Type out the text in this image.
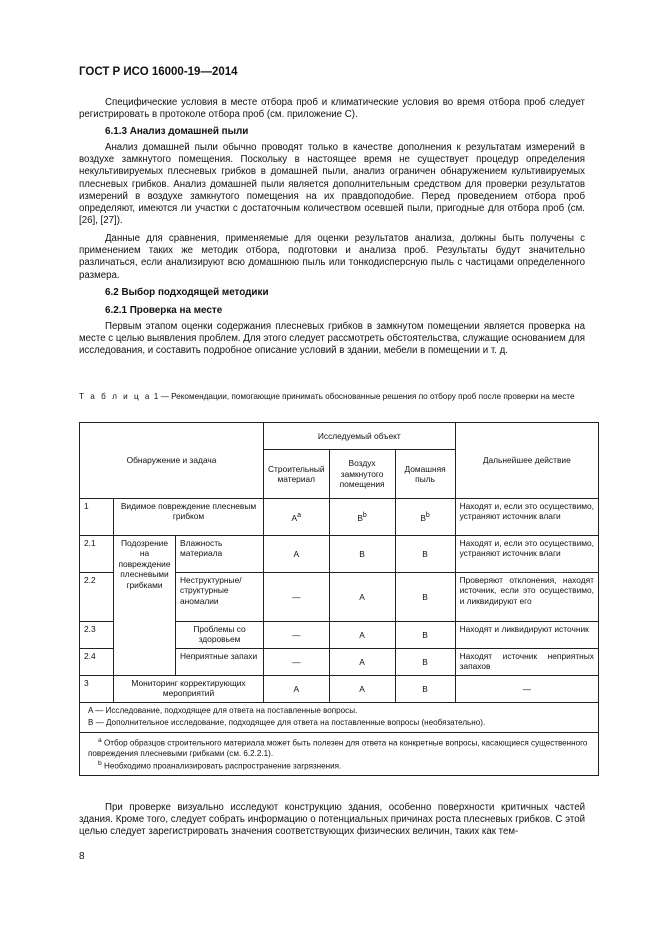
ГОСТ Р ИСО 16000-19—2014

Специфические условия в месте отбора проб и климатические условия во время отбора проб следует регистрировать в протоколе отбора проб (см. приложение С).

6.1.3 Анализ домашней пыли

Анализ домашней пыли обычно проводят только в качестве дополнения к результатам измерений в воздухе замкнутого помещения. Поскольку в настоящее время не существует процедур определения некультивируемых плесневых грибков в домашней пыли, анализ ограничен обнаружением культивируемых плесневых грибков. Анализ домашней пыли является дополнительным средством для проверки результатов измерений в воздухе замкнутого помещения на их правдоподобие. Перед проведением отбора проб определяют, имеются ли участки с достаточным количеством осевшей пыли, пригодные для отбора проб (см. [26], [27]).

Данные для сравнения, применяемые для оценки результатов анализа, должны быть получены с применением таких же методик отбора, подготовки и анализа проб. Результаты будут значительно различаться, если анализируют всю домашнюю пыль или тонкодисперсную пыль с частицами определенного размера.

6.2 Выбор подходящей методики
6.2.1 Проверка на месте

Первым этапом оценки содержания плесневых грибков в замкнутом помещении является проверка на месте с целью выявления проблем. Для этого следует рассмотреть обстоятельства, служащие основанием для исследования, и составить подробное описание условий в здании, мебели в помещении и т. д.

Т а б л и ц а 1 — Рекомендации, помогающие принимать обоснованные решения по отбору проб после проверки на месте
Обнаружение и задача			Исследуемый объект			Дальнейшее действие
			Строительный материал	Воздух замкнутого помещения	Домашняя пыль	
1	Видимое повреждение плесневым грибком		$A^a$	$B^b$	$B^b$	Находят и, если это осуществимо, устраняют источник влаги
2.1	Подозрение на повреждение плесневыми грибками	Влажность материала	A	B	B	Находят и, если это осуществимо, устраняют источник влаги
2.2		Неструктурные/структурные аномалии	—	A	B	Проверяют отклонения, находят источник, если это осуществимо, и ликвидируют его
2.3		Проблемы со здоровьем	—	A	B	Находят и ликвидируют источник
2.4		Неприятные запахи	—	A	B	Находят источник неприятных запахов
3	Мониторинг корректирующих мероприятий		A	A	B	—

A — Исследование, подходящее для ответа на поставленные вопросы.
B — Дополнительное исследование, подходящее для ответа на поставленные вопросы (необязательно).						

$^a$ Отбор образцов строительного материала может быть полезен для ответа на конкретные вопросы, касающиеся существенного повреждения плесневыми грибками (см. 6.2.2.1).
$^b$ Необходимо проанализировать распространение загрязнения.						

При проверке визуально исследуют конструкцию здания, особенно поверхности критичных частей здания. Кроме того, следует собрать информацию о потенциальных причинах роста плесневых грибков. С этой целью следует зарегистрировать значения соответствующих физических величин, таких как тем-

8
